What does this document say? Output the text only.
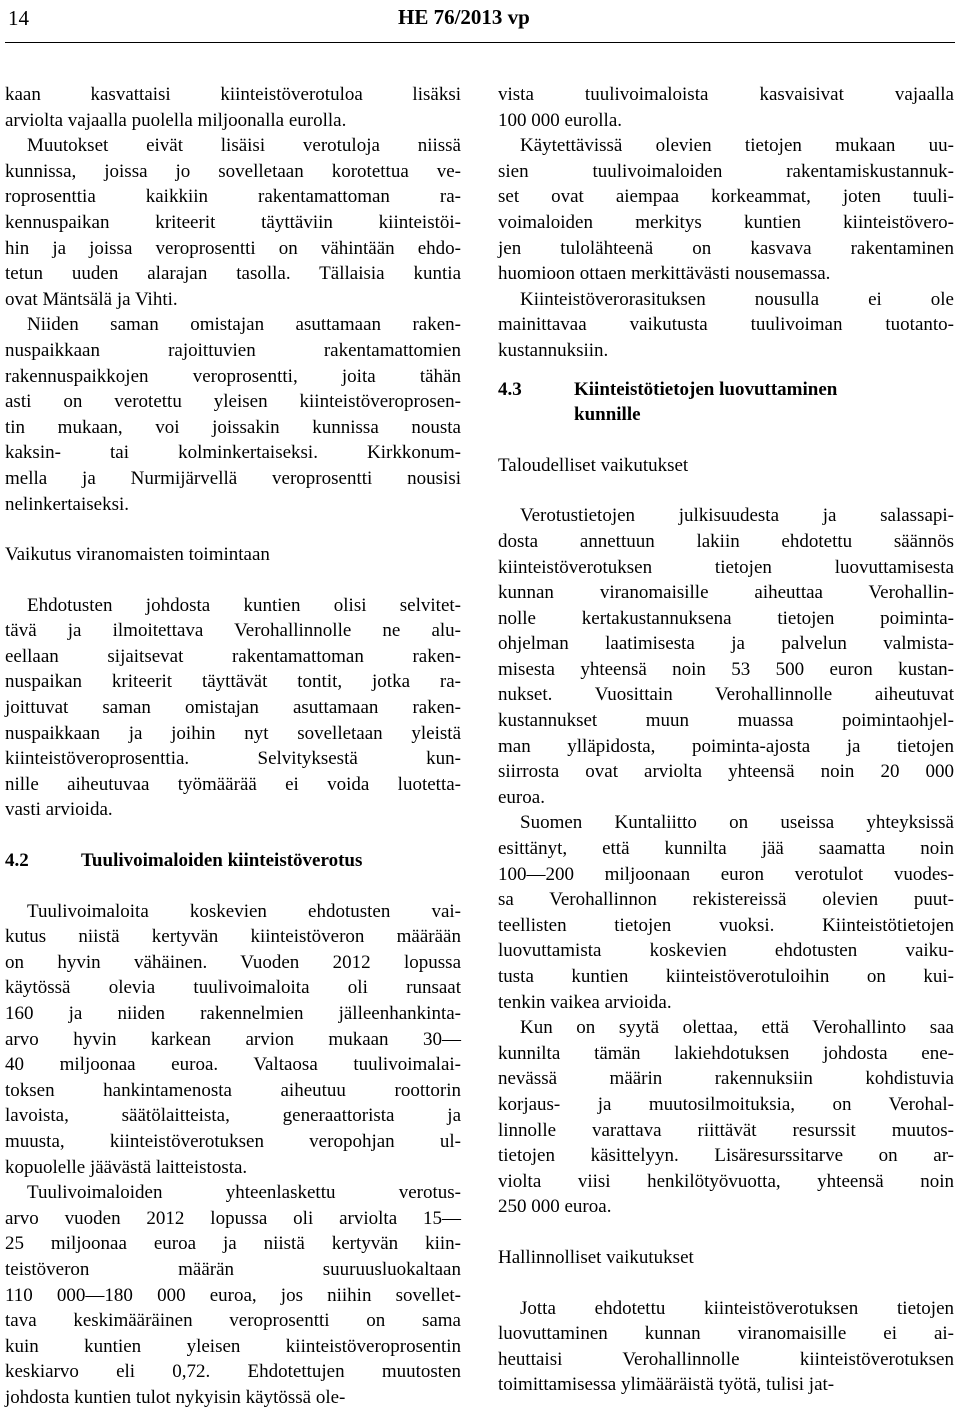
14	HE 76/2013 vp

kaan kasvattaisi kiinteistöverotuloa lisäksi
arviolta vajaalla puolella miljoonalla eurolla.

Muutokset eivät lisäisi verotuloja niissä
kunnissa, joissa jo sovelletaan korotettua ve-
roprosenttia kaikkiin rakentamattoman ra-
kennuspaikan kriteerit täyttäviin kiinteistöi-
hin ja joissa veroprosentti on vähintään ehdo-
tetun uuden alarajan tasolla. Tällaisia kuntia
ovat Mäntsälä ja Vihti.

Niiden saman omistajan asuttamaan raken-
nuspaikkaan rajoittuvien rakentamattomien
rakennuspaikkojen veroprosentti, joita tähän
asti on verotettu yleisen kiinteistöveroprosen-
tin mukaan, voi joissakin kunnissa nousta
kaksin- tai kolminkertaiseksi. Kirkkonum-
mella ja Nurmijärvellä veroprosentti nousisi
nelinkertaiseksi.

Vaikutus viranomaisten toimintaan

Ehdotusten johdosta kuntien olisi selvitet-
tävä ja ilmoitettava Verohallinnolle ne alu-
eellaan sijaitsevat rakentamattoman raken-
nuspaikan kriteerit täyttävät tontit, jotka ra-
joittuvat saman omistajan asuttamaan raken-
nuspaikkaan ja joihin nyt sovelletaan yleistä
kiinteistöveroprosenttia. Selvityksestä kun-
nille aiheutuvaa työmäärää ei voida luotetta-
vasti arvioida.

4.2	Tuulivoimaloiden kiinteistöverotus

Tuulivoimaloita koskevien ehdotusten vai-
kutus niistä kertyvän kiinteistöveron määrään
on hyvin vähäinen. Vuoden 2012 lopussa
käytössä olevia tuulivoimaloita oli runsaat
160 ja niiden rakennelmien jälleenhankinta-
arvo hyvin karkean arvion mukaan 30—
40 miljoonaa euroa. Valtaosa tuulivoimalai-
toksen hankintamenosta aiheutuu roottorin
lavoista, säätölaitteista, generaattorista ja
muusta, kiinteistöverotuksen veropohjan ul-
kopuolelle jäävästä laitteistosta.

Tuulivoimaloiden yhteenlaskettu verotus-
arvo vuoden 2012 lopussa oli arviolta 15—
25 miljoonaa euroa ja niistä kertyvän kiin-
teistöveron määrän suuruusluokaltaan
110 000—180 000 euroa, jos niihin sovellet-
tava keskimääräinen veroprosentti on sama
kuin kuntien yleisen kiinteistöveroprosentin
keskiarvo eli 0,72. Ehdotettujen muutosten
johdosta kuntien tulot nykyisin käytössä ole-

vista tuulivoimaloista kasvaisivat vajaalla
100 000 eurolla.

Käytettävissä olevien tietojen mukaan uu-
sien tuulivoimaloiden rakentamiskustannuk-
set ovat aiempaa korkeammat, joten tuuli-
voimaloiden merkitys kuntien kiinteistövero-
jen tulolähteenä on kasvava rakentaminen
huomioon ottaen merkittävästi nousemassa.

Kiinteistöverorasituksen nousulla ei ole
mainittavaa vaikutusta tuulivoiman tuotanto-
kustannuksiin.

4.3	Kiinteistötietojen luovuttaminen
kunnille
Taloudelliset vaikutukset

Verotustietojen julkisuudesta ja salassapi-
dosta annettuun lakiin ehdotettu säännös
kiinteistöverotuksen tietojen luovuttamisesta
kunnan viranomaisille aiheuttaa Verohallin-
nolle kertakustannuksena tietojen poiminta-
ohjelman laatimisesta ja palvelun valmista-
misesta yhteensä noin 53 500 euron kustan-
nukset. Vuosittain Verohallinnolle aiheutuvat
kustannukset muun muassa poimintaohjel-
man ylläpidosta, poiminta-ajosta ja tietojen
siirrosta ovat arviolta yhteensä noin 20 000
euroa.

Suomen Kuntaliitto on useissa yhteyksissä
esittänyt, että kunnilta jää saamatta noin
100—200 miljoonaan euron verotulot vuodes-
sa Verohallinnon rekistereissä olevien puut-
teellisten tietojen vuoksi. Kiinteistötietojen
luovuttamista koskevien ehdotusten vaiku-
tusta kuntien kiinteistöverotuloihin on kui-
tenkin vaikea arvioida.

Kun on syytä olettaa, että Verohallinto saa
kunnilta tämän lakiehdotuksen johdosta ene-
nevässä määrin rakennuksiin kohdistuvia
korjaus- ja muutosilmoituksia, on Verohal-
linnolle varattava riittävät resurssit muutos-
tietojen käsittelyyn. Lisäresurssitarve on ar-
violta viisi henkilötyövuotta, yhteensä noin
250 000 euroa.

Hallinnolliset vaikutukset

Jotta ehdotettu kiinteistöverotuksen tietojen
luovuttaminen kunnan viranomaisille ei ai-
heuttaisi Verohallinnolle kiinteistöverotuksen
toimittamisessa ylimääräistä työtä, tulisi jat-
